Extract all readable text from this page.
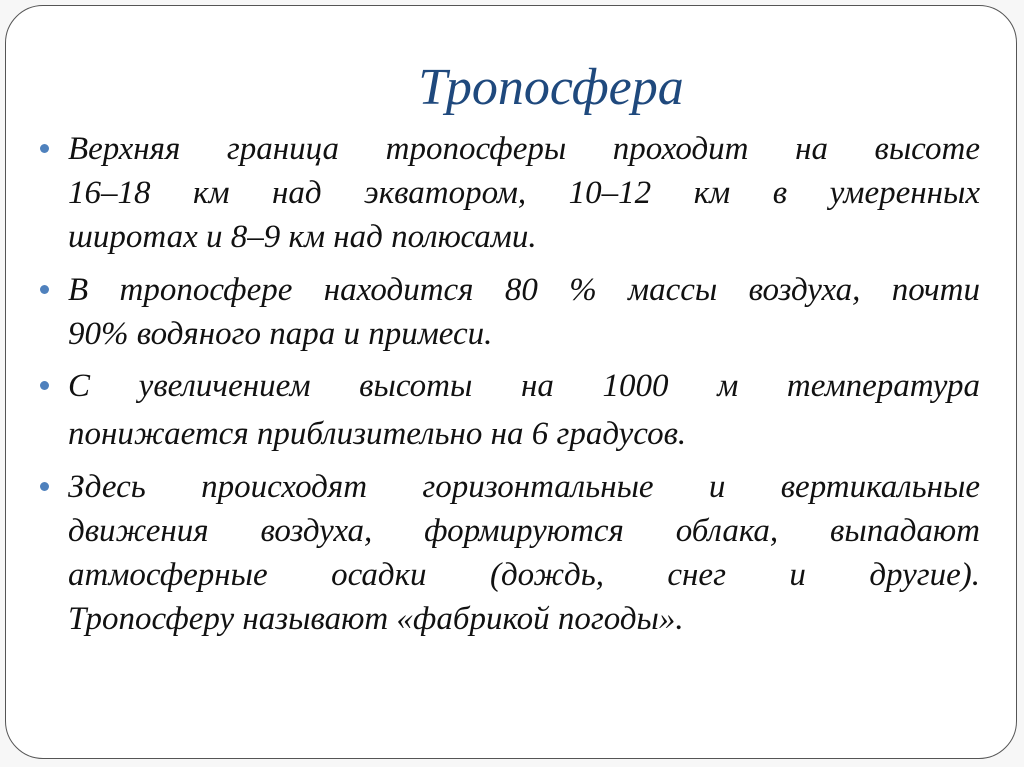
Тропосфера
Верхняя граница тропосферы проходит на высоте
16–18 км над экватором, 10–12 км в умеренных
широтах и 8–9 км над полюсами.
В тропосфере находится 80 % массы воздуха, почти
90% водяного пара и примеси.
С увеличением высоты на 1000 м температура
понижается приблизительно на 6 градусов.
Здесь происходят горизонтальные и вертикальные
движения воздуха, формируются облака, выпадают
атмосферные осадки (дождь, снег и другие).
Тропосферу называют «фабрикой погоды».
